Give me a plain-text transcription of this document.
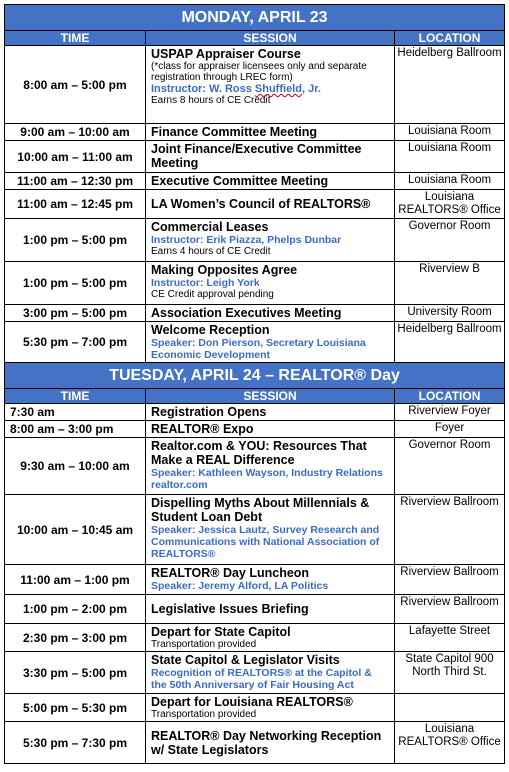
MONDAY, APRIL 23		
TIME	SESSION	LOCATION
8:00 am – 5:00 pm	USPAP Appraiser Course
(*class for appraiser licensees only and separate registration through LREC form)
Instructor: W. Ross Shuffield, Jr.
Earns 8 hours of CE Credit	Heidelberg Ballroom
9:00 am – 10:00 am	Finance Committee Meeting	Louisiana Room
10:00 am – 11:00 am	Joint Finance/Executive Committee Meeting	Louisiana Room
11:00 am – 12:30 pm	Executive Committee Meeting	Louisiana Room
11:00 am – 12:45 pm	LA Women’s Council of REALTORS®	Louisiana REALTORS® Office
1:00 pm – 5:00 pm	Commercial Leases
Instructor: Erik Piazza, Phelps Dunbar
Earns 4 hours of CE Credit	Governor Room
1:00 pm – 5:00 pm	Making Opposites Agree
Instructor: Leigh York
CE Credit approval pending	Riverview B
3:00 pm – 5:00 pm	Association Executives Meeting	University Room
5:30 pm – 7:00 pm	Welcome Reception
Speaker: Don Pierson, Secretary Louisiana Economic Development	Heidelberg Ballroom
TUESDAY, APRIL 24 – REALTOR® Day		
TIME	SESSION	LOCATION
7:30 am	Registration Opens	Riverview Foyer
8:00 am – 3:00 pm	REALTOR® Expo	Foyer
9:30 am – 10:00 am	Realtor.com & YOU: Resources That Make a REAL Difference
Speaker: Kathleen Wayson, Industry Relations realtor.com	Governor Room
10:00 am – 10:45 am	Dispelling Myths About Millennials & Student Loan Debt
Speaker: Jessica Lautz, Survey Research and Communications with National Association of REALTORS®	Riverview Ballroom
11:00 am – 1:00 pm	REALTOR® Day Luncheon
Speaker: Jeremy Alford, LA Politics	Riverview Ballroom
1:00 pm – 2:00 pm	Legislative Issues Briefing	Riverview Ballroom
2:30 pm – 3:00 pm	Depart for State Capitol
Transportation provided	Lafayette Street
3:30 pm – 5:00 pm	State Capitol & Legislator Visits
Recognition of REALTORS® at the Capitol & the 50th Anniversary of Fair Housing Act	State Capitol 900 North Third St.
5:00 pm – 5:30 pm	Depart for Louisiana REALTORS®
Transportation provided	

5:30 pm – 7:30 pm	REALTOR® Day Networking Reception w/ State Legislators	Louisiana REALTORS® Office
